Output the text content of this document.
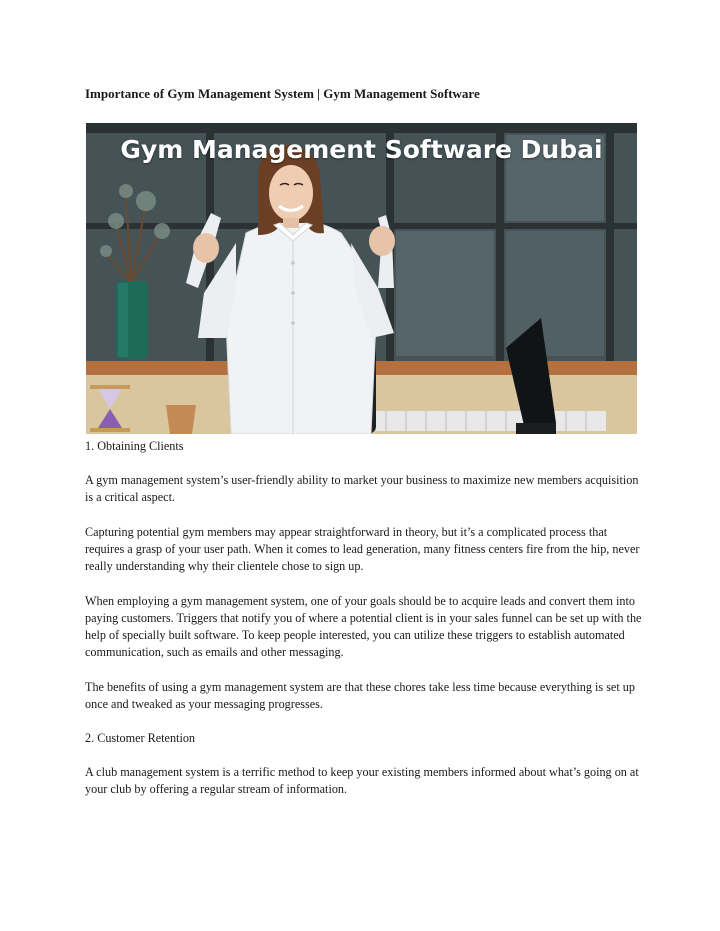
Importance of Gym Management System | Gym Management Software
Gym Management Software Dubai
1. Obtaining Clients
A gym management system’s user-friendly ability to market your business to maximize new members acquisition is a critical aspect.
Capturing potential gym members may appear straightforward in theory, but it’s a complicated process that requires a grasp of your user path. When it comes to lead generation, many fitness centers fire from the hip, never really understanding why their clientele chose to sign up.
When employing a gym management system, one of your goals should be to acquire leads and convert them into paying customers. Triggers that notify you of where a potential client is in your sales funnel can be set up with the help of specially built software. To keep people interested, you can utilize these triggers to establish automated communication, such as emails and other messaging.
The benefits of using a gym management system are that these chores take less time because everything is set up once and tweaked as your messaging progresses.
2. Customer Retention
A club management system is a terrific method to keep your existing members informed about what’s going on at your club by offering a regular stream of information.
